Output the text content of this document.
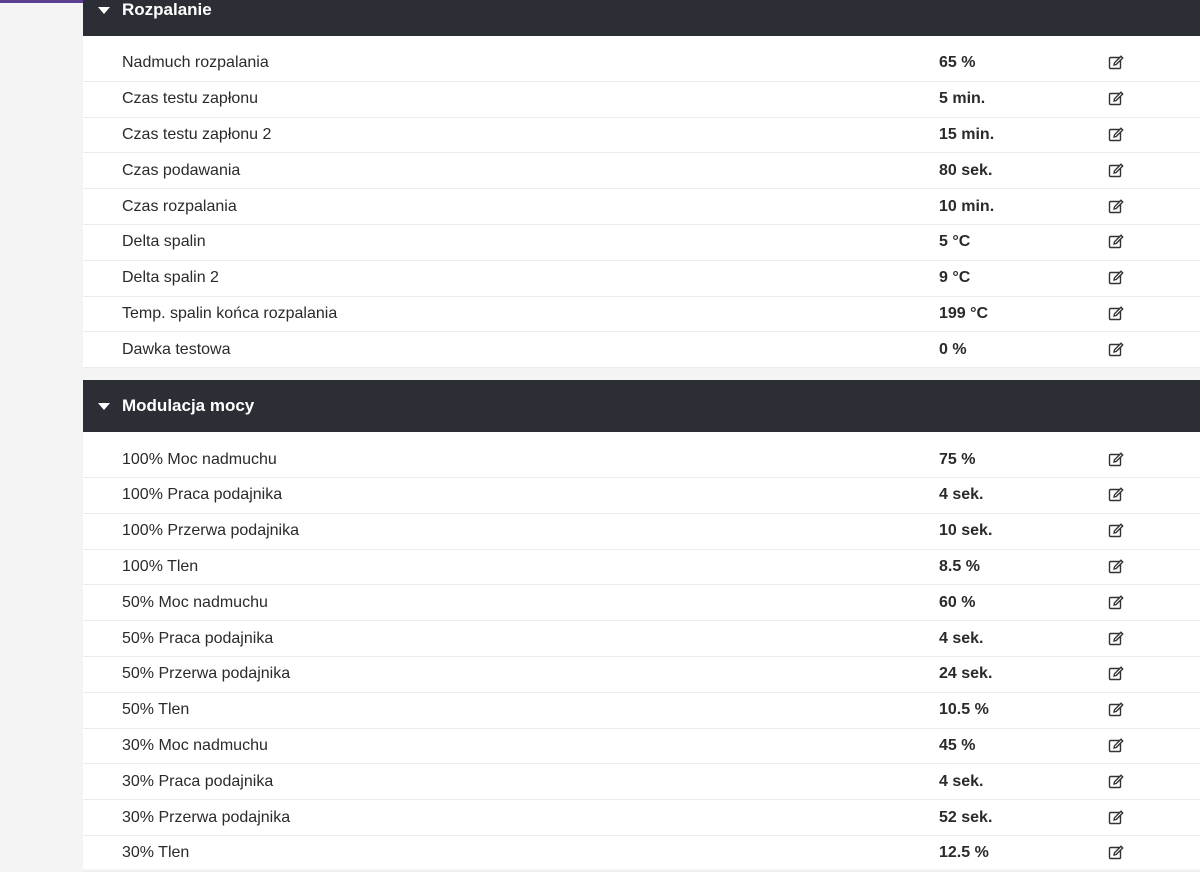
Rozpalanie
Nadmuch rozpalania	65 %
Czas testu zapłonu	5 min.
Czas testu zapłonu 2	15 min.
Czas podawania	80 sek.
Czas rozpalania	10 min.
Delta spalin	5 °C
Delta spalin 2	9 °C
Temp. spalin końca rozpalania	199 °C
Dawka testowa	0 %
Modulacja mocy
100% Moc nadmuchu	75 %
100% Praca podajnika	4 sek.
100% Przerwa podajnika	10 sek.
100% Tlen	8.5 %
50% Moc nadmuchu	60 %
50% Praca podajnika	4 sek.
50% Przerwa podajnika	24 sek.
50% Tlen	10.5 %
30% Moc nadmuchu	45 %
30% Praca podajnika	4 sek.
30% Przerwa podajnika	52 sek.
30% Tlen	12.5 %
